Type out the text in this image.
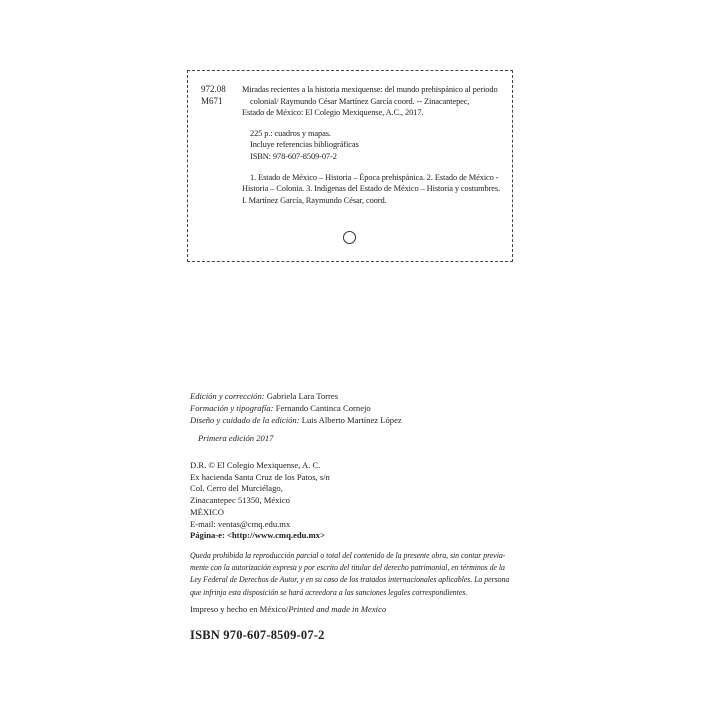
972.08
M671
Miradas recientes a la historia mexiquense: del mundo prehispánico al periodo
colonial/ Raymundo César Martínez García coord. -- Zinacantepec,
Estado de México: El Colegio Mexiquense, A.C., 2017.
225 p.: cuadros y mapas.
Incluye referencias bibliográficas
ISBN: 978-607-8509-07-2
1. Estado de México – Historia – Época prehispánica. 2. Estado de México -
Historia – Colonia. 3. Indígenas del Estado de México – Historia y costumbres.
I. Martínez García, Raymundo César, coord.
Edición y corrección: Gabriela Lara Torres
Formación y tipografía: Fernando Cantinca Cornejo
Diseño y cuidado de la edición: Luis Alberto Martínez López
Primera edición 2017
D.R. © El Colegio Mexiquense, A. C.
Ex hacienda Santa Cruz de los Patos, s/n
Col. Cerro del Murciélago,
Zinacantepec 51350, México
MÉXICO
E-mail: ventas@cmq.edu.mx
Página-e: <http://www.cmq.edu.mx>
Queda prohibida la reproducción parcial o total del contenido de la presente obra, sin contar previa-
mente con la autorización expresa y por escrito del titular del derecho patrimonial, en términos de la
Ley Federal de Derechos de Autor, y en su caso de los tratados internacionales aplicables. La persona
que infrinja esta disposición se hará acreedora a las sanciones legales correspondientes.
Impreso y hecho en México/Printed and made in Mexico
ISBN 970-607-8509-07-2
